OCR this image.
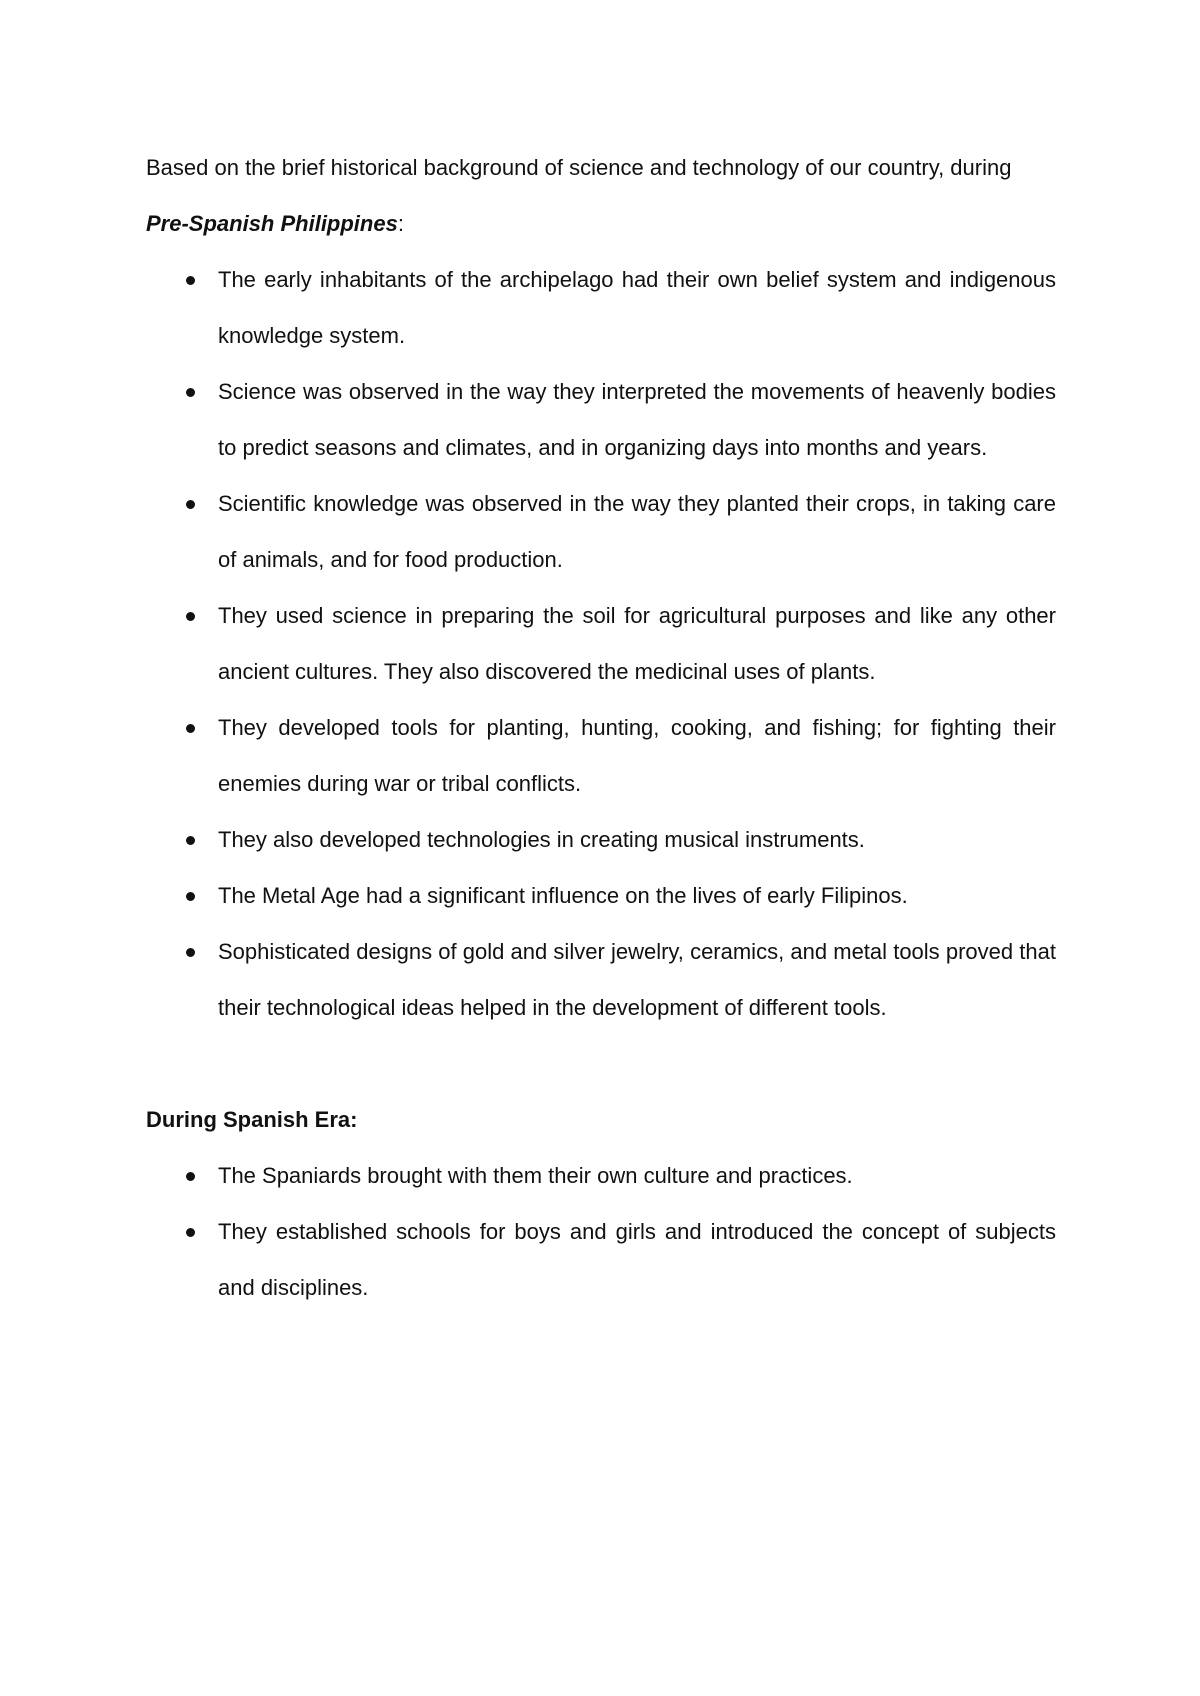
Based on the brief historical background of science and technology of our country, during Pre-Spanish Philippines:

The early inhabitants of the archipelago had their own belief system and indigenous knowledge system.
Science was observed in the way they interpreted the movements of heavenly bodies to predict seasons and climates, and in organizing days into months and years.
Scientific knowledge was observed in the way they planted their crops, in taking care of animals, and for food production.
They used science in preparing the soil for agricultural purposes and like any other ancient cultures. They also discovered the medicinal uses of plants.
They developed tools for planting, hunting, cooking, and fishing; for fighting their enemies during war or tribal conflicts.
They also developed technologies in creating musical instruments.
The Metal Age had a significant influence on the lives of early Filipinos.
Sophisticated designs of gold and silver jewelry, ceramics, and metal tools proved that their technological ideas helped in the development of different tools.

During Spanish Era:

The Spaniards brought with them their own culture and practices.
They established schools for boys and girls and introduced the concept of subjects and disciplines.
